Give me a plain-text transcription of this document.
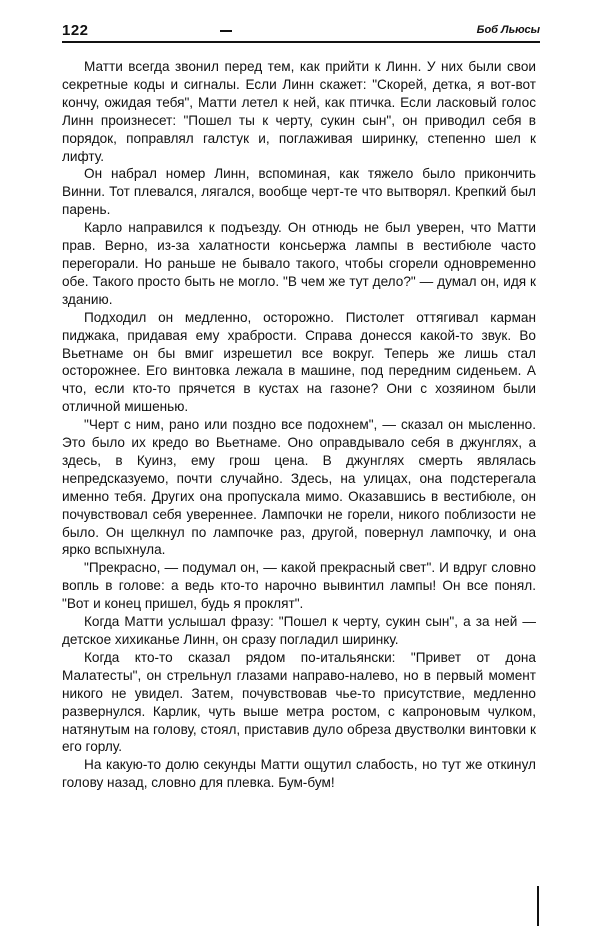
122	Боб Льюсы

Матти всегда звонил перед тем, как прийти к Линн. У них были свои секретные коды и сигналы. Если Линн скажет: "Скорей, детка, я вот-вот кончу, ожидая тебя", Матти летел к ней, как птичка. Если ласковый голос Линн произнесет: "Пошел ты к черту, сукин сын", он приводил себя в порядок, поправлял галстук и, поглаживая ширинку, степенно шел к лифту.

Он набрал номер Линн, вспоминая, как тяжело было прикончить Винни. Тот плевался, лягался, вообще черт-те что вытворял. Крепкий был парень.

Карло направился к подъезду. Он отнюдь не был уверен, что Матти прав. Верно, из-за халатности консьержа лампы в вестибюле часто перегорали. Но раньше не бывало такого, чтобы сгорели одновременно обе. Такого просто быть не могло. "В чем же тут дело?" — думал он, идя к зданию.

Подходил он медленно, осторожно. Пистолет оттягивал карман пиджака, придавая ему храбрости. Справа донесся какой-то звук. Во Вьетнаме он бы вмиг изрешетил все вокруг. Теперь же лишь стал осторожнее. Его винтовка лежала в машине, под передним сиденьем. А что, если кто-то прячется в кустах на газоне? Они с хозяином были отличной мишенью.

"Черт с ним, рано или поздно все подохнем", — сказал он мысленно. Это было их кредо во Вьетнаме. Оно оправдывало себя в джунглях, а здесь, в Куинз, ему грош цена. В джунглях смерть являлась непредсказуемо, почти случайно. Здесь, на улицах, она подстерегала именно тебя. Других она пропускала мимо. Оказавшись в вестибюле, он почувствовал себя увереннее. Лампочки не горели, никого поблизости не было. Он щелкнул по лампочке раз, другой, повернул лампочку, и она ярко вспыхнула.

"Прекрасно, — подумал он, — какой прекрасный свет". И вдруг словно вопль в голове: а ведь кто-то нарочно вывинтил лампы! Он все понял. "Вот и конец пришел, будь я проклят".

Когда Матти услышал фразу: "Пошел к черту, сукин сын", а за ней — детское хихиканье Линн, он сразу погладил ширинку.

Когда кто-то сказал рядом по-итальянски: "Привет от дона Малатесты", он стрельнул глазами направо-налево, но в первый момент никого не увидел. Затем, почувствовав чье-то присутствие, медленно развернулся. Карлик, чуть выше метра ростом, с капроновым чулком, натянутым на голову, стоял, приставив дуло обреза двустволки винтовки к его горлу.

На какую-то долю секунды Матти ощутил слабость, но тут же откинул голову назад, словно для плевка. Бум-бум!
